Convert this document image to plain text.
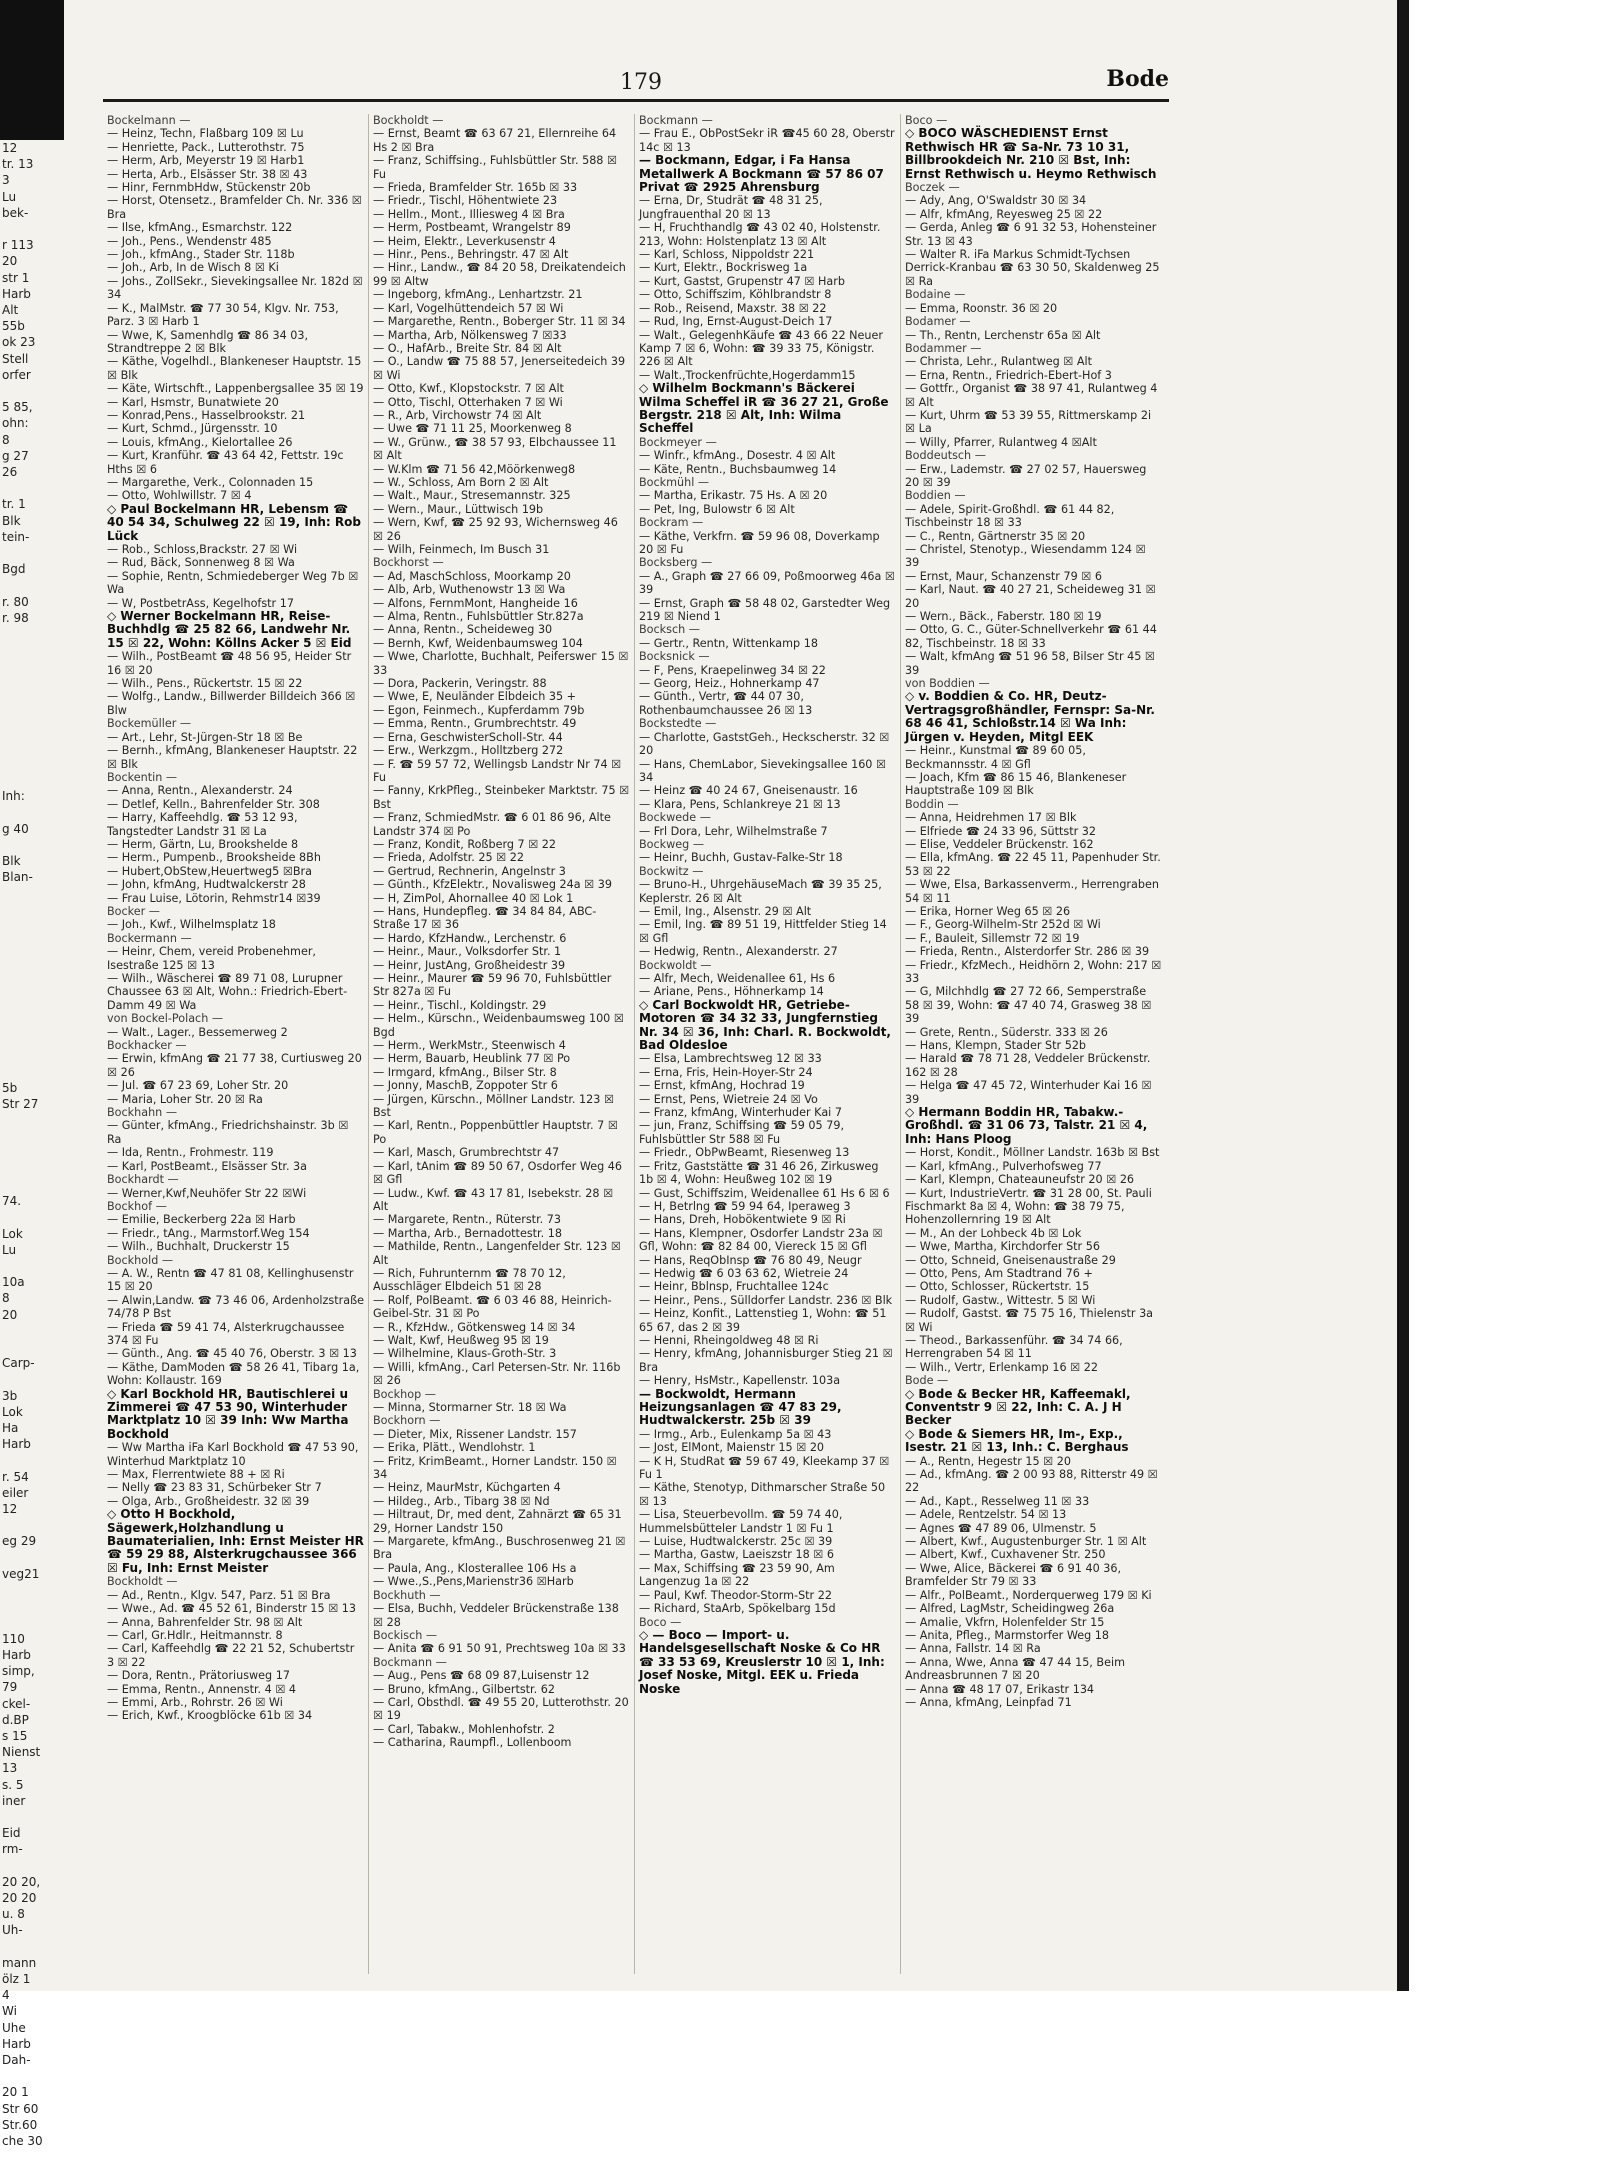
12
tr. 13
3
Lu
bek-

r 113
20
str 1
Harb
Alt
55b
ok 23
Stell
orfer

5 85,
ohn:
8
g 27
26

tr. 1
Blk
tein-

Bgd

r. 80
r. 98

Inh:

g 40

Blk
Blan-

5b
Str 27

74.

Lok
Lu

10a
8
20

Carp-

3b
Lok
Ha
Harb

r. 54
eiler
12

eg 29

veg21

110
Harb
simp,
79
ckel-
d.BP
s 15
Nienst
13
s. 5
iner

Eid
rm-

20 20,
20 20
u. 8
Uh-

mann
ölz 1
4
Wi
Uhe
Harb
Dah-

20 1
Str 60
Str.60
che 30
179	Bode
Bockelmann —
— Heinz, Techn, Flaßbarg 109 ☒ Lu
— Henriette, Pack., Lutterothstr. 75
— Herm, Arb, Meyerstr 19 ☒ Harb1
— Herta, Arb., Elsässer Str. 38 ☒ 43
— Hinr, FernmbHdw, Stückenstr 20b
— Horst, Otensetz., Bramfelder Ch. Nr. 336 ☒ Bra
— Ilse, kfmAng., Esmarchstr. 122
— Joh., Pens., Wendenstr 485
— Joh., kfmAng., Stader Str. 118b
— Joh., Arb, In de Wisch 8 ☒ Ki
— Johs., ZollSekr., Sievekingsallee Nr. 182d ☒ 34
— K., MalMstr. ☎ 77 30 54, Klgv. Nr. 753, Parz. 3 ☒ Harb 1
— Wwe, K, Samenhdlg ☎ 86 34 03, Strandtreppe 2 ☒ Blk
— Käthe, Vogelhdl., Blankeneser Hauptstr. 15 ☒ Blk
— Käte, Wirtschft., Lappenbergsallee 35 ☒ 19
— Karl, Hsmstr, Bunatwiete 20
— Konrad,Pens., Hasselbrookstr. 21
— Kurt, Schmd., Jürgensstr. 10
— Louis, kfmAng., Kielortallee 26
— Kurt, Kranführ. ☎ 43 64 42, Fettstr. 19c Hths ☒ 6
— Margarethe, Verk., Colonnaden 15
— Otto, Wohlwillstr. 7 ☒ 4
◇ Paul Bockelmann HR, Lebensm ☎ 40 54 34, Schulweg 22 ☒ 19, Inh: Rob Lück
— Rob., Schloss,Brackstr. 27 ☒ Wi
— Rud, Bäck, Sonnenweg 8 ☒ Wa
— Sophie, Rentn, Schmiedeberger Weg 7b ☒ Wa
— W, PostbetrAss, Kegelhofstr 17
◇ Werner Bockelmann HR, Reise-Buchhdlg ☎ 25 82 66, Landwehr Nr. 15 ☒ 22, Wohn: Köllns Acker 5 ☒ Eid
— Wilh., PostBeamt ☎ 48 56 95, Heider Str 16 ☒ 20
— Wilh., Pens., Rückertstr. 15 ☒ 22
— Wolfg., Landw., Billwerder Billdeich 366 ☒ Blw
Bockemüller —
— Art., Lehr, St-Jürgen-Str 18 ☒ Be
— Bernh., kfmAng, Blankeneser Hauptstr. 22 ☒ Blk
Bockentin —
— Anna, Rentn., Alexanderstr. 24
— Detlef, Kelln., Bahrenfelder Str. 308
— Harry, Kaffeehdlg. ☎ 53 12 93, Tangstedter Landstr 31 ☒ La
— Herm, Gärtn, Lu, Brookshelde 8
— Herm., Pumpenb., Brooksheide 8Bh
— Hubert,ObStew,Heuertweg5 ☒Bra
— John, kfmAng, Hudtwalckerstr 28
— Frau Luise, Lötorin, Rehmstr14 ☒39
Bocker —
— Joh., Kwf., Wilhelmsplatz 18
Bockermann —
— Heinr, Chem, vereid Probenehmer, Isestraße 125 ☒ 13
— Wilh., Wäscherei ☎ 89 71 08, Lurupner Chaussee 63 ☒ Alt, Wohn.: Friedrich-Ebert-Damm 49 ☒ Wa
von Bockel-Polach —
— Walt., Lager., Bessemerweg 2
Bockhacker —
— Erwin, kfmAng ☎ 21 77 38, Curtiusweg 20 ☒ 26
— Jul. ☎ 67 23 69, Loher Str. 20
— Maria, Loher Str. 20 ☒ Ra
Bockhahn —
— Günter, kfmAng., Friedrichshainstr. 3b ☒ Ra
— Ida, Rentn., Frohmestr. 119
— Karl, PostBeamt., Elsässer Str. 3a
Bockhardt —
— Werner,Kwf,Neuhöfer Str 22 ☒Wi
Bockhof —
— Emilie, Beckerberg 22a ☒ Harb
— Friedr., tAng., Marmstorf.Weg 154
— Wilh., Buchhalt, Druckerstr 15
Bockhold —
— A. W., Rentn ☎ 47 81 08, Kellinghusenstr 15 ☒ 20
— Alwin,Landw. ☎ 73 46 06, Ardenholzstraße 74/78 P Bst
— Frieda ☎ 59 41 74, Alsterkrugchaussee 374 ☒ Fu
— Günth., Ang. ☎ 45 40 76, Oberstr. 3 ☒ 13
— Käthe, DamModen ☎ 58 26 41, Tibarg 1a, Wohn: Kollaustr. 169
◇ Karl Bockhold HR, Bautischlerei u Zimmerei ☎ 47 53 90, Winterhuder Marktplatz 10 ☒ 39 Inh: Ww Martha Bockhold
— Ww Martha iFa Karl Bockhold ☎ 47 53 90, Winterhud Marktplatz 10
— Max, Flerrentwiete 88 + ☒ Ri
— Nelly ☎ 23 83 31, Schürbeker Str 7
— Olga, Arb., Großheidestr. 32 ☒ 39
◇ Otto H Bockhold, Sägewerk,Holzhandlung u Baumaterialien, Inh: Ernst Meister HR ☎ 59 29 88, Alsterkrugchaussee 366 ☒ Fu, Inh: Ernst Meister
Bockholdt —
— Ad., Rentn., Klgv. 547, Parz. 51 ☒ Bra
— Wwe., Ad. ☎ 45 52 61, Binderstr 15 ☒ 13
— Anna, Bahrenfelder Str. 98 ☒ Alt
— Carl, Gr.Hdlr., Heitmannstr. 8
— Carl, Kaffeehdlg ☎ 22 21 52, Schubertstr 3 ☒ 22
— Dora, Rentn., Prätoriusweg 17
— Emma, Rentn., Annenstr. 4 ☒ 4
— Emmi, Arb., Rohrstr. 26 ☒ Wi
— Erich, Kwf., Kroogblöcke 61b ☒ 34
Bockholdt —
— Ernst, Beamt ☎ 63 67 21, Ellernreihe 64 Hs 2 ☒ Bra
— Franz, Schiffsing., Fuhlsbüttler Str. 588 ☒ Fu
— Frieda, Bramfelder Str. 165b ☒ 33
— Friedr., Tischl, Höhentwiete 23
— Hellm., Mont., Illiesweg 4 ☒ Bra
— Herm, Postbeamt, Wrangelstr 89
— Heim, Elektr., Leverkusenstr 4
— Hinr., Pens., Behringstr. 47 ☒ Alt
— Hinr., Landw., ☎ 84 20 58, Dreikatendeich 99 ☒ Altw
— Ingeborg, kfmAng., Lenhartzstr. 21
— Karl, Vogelhüttendeich 57 ☒ Wi
— Margarethe, Rentn., Boberger Str. 11 ☒ 34
— Martha, Arb, Nölkensweg 7 ☒33
— O., HafArb., Breite Str. 84 ☒ Alt
— O., Landw ☎ 75 88 57, Jenerseitedeich 39 ☒ Wi
— Otto, Kwf., Klopstockstr. 7 ☒ Alt
— Otto, Tischl, Otterhaken 7 ☒ Wi
— R., Arb, Virchowstr 74 ☒ Alt
— Uwe ☎ 71 11 25, Moorkenweg 8
— W., Grünw., ☎ 38 57 93, Elbchaussee 11 ☒ Alt
— W.Klm ☎ 71 56 42,Möörkenweg8
— W., Schloss, Am Born 2 ☒ Alt
— Walt., Maur., Stresemannstr. 325
— Wern., Maur., Lüttwisch 19b
— Wern, Kwf, ☎ 25 92 93, Wichernsweg 46 ☒ 26
— Wilh, Feinmech, Im Busch 31
Bockhorst —
— Ad, MaschSchloss, Moorkamp 20
— Alb, Arb, Wuthenowstr 13 ☒ Wa
— Alfons, FernmMont, Hangheide 16
— Alma, Rentn., Fuhlsbüttler Str.827a
— Anna, Rentn., Scheideweg 30
— Bernh, Kwf, Weidenbaumsweg 104
— Wwe, Charlotte, Buchhalt, Peiferswег 15 ☒ 33
— Dora, Packerin, Veringstr. 88
— Wwe, E, Neuländer Elbdeich 35 +
— Egon, Feinmech., Kupferdamm 79b
— Emma, Rentn., Grumbrechtstr. 49
— Erna, GeschwisterScholl-Str. 44
— Erw., Werkzgm., Holltzberg 272
— F. ☎ 59 57 72, Wellingsb Landstr Nr 74 ☒ Fu
— Fanny, KrkPfleg., Steinbeker Marktstr. 75 ☒ Bst
— Franz, SchmiedMstr. ☎ 6 01 86 96, Alte Landstr 374 ☒ Po
— Franz, Kondit, Roßberg 7 ☒ 22
— Frieda, Adolfstr. 25 ☒ 22
— Gertrud, Rechnerin, Angelnstr 3
— Günth., KfzElektr., Novalisweg 24a ☒ 39
— H, ZimPol, Ahornallee 40 ☒ Lok 1
— Hans, Hundepfleg. ☎ 34 84 84, ABC-Straße 17 ☒ 36
— Hardo, KfzHandw., Lerchenstr. 6
— Heinr., Maur., Volksdorfer Str. 1
— Heinr, JustAng, Großheidestr 39
— Heinr., Maurer ☎ 59 96 70, Fuhlsbüttler Str 827a ☒ Fu
— Heinr., Tischl., Koldingstr. 29
— Helm., Kürschn., Weidenbaumsweg 100 ☒ Bgd
— Herm., WerkMstr., Steenwisch 4
— Herm, Bauarb, Heublink 77 ☒ Po
— Irmgard, kfmAng., Bilser Str. 8
— Jonny, MaschB, Zoppoter Str 6
— Jürgen, Kürschn., Möllner Landstr. 123 ☒ Bst
— Karl, Rentn., Poppenbüttler Hauptstr. 7 ☒ Po
— Karl, Masch, Grumbrechtstr 47
— Karl, tAnim ☎ 89 50 67, Osdorfer Weg 46 ☒ Gfl
— Ludw., Kwf. ☎ 43 17 81, Isebekstr. 28 ☒ Alt
— Margarete, Rentn., Rüterstr. 73
— Martha, Arb., Bernadottestr. 18
— Mathilde, Rentn., Langenfelder Str. 123 ☒ Alt
— Rich, Fuhrunternm ☎ 78 70 12, Ausschläger Elbdeich 51 ☒ 28
— Rolf, PolBeamt. ☎ 6 03 46 88, Heinrich-Geibel-Str. 31 ☒ Po
— R., KfzHdw., Götkensweg 14 ☒ 34
— Walt, Kwf, Heußweg 95 ☒ 19
— Wilhelmine, Klaus-Groth-Str. 3
— Willi, kfmAng., Carl Petersen-Str. Nr. 116b ☒ 26
Bockhop —
— Minna, Stormarner Str. 18 ☒ Wa
Bockhorn —
— Dieter, Mix, Rissener Landstr. 157
— Erika, Plätt., Wendlohstr. 1
— Fritz, KrimBeamt., Horner Landstr. 150 ☒ 34
— Heinz, MaurMstr, Küchgarten 4
— Hildeg., Arb., Tibarg 38 ☒ Nd
— Hiltraut, Dr, med dent, Zahnärzt ☎ 65 31 29, Horner Landstr 150
— Margarete, kfmAng., Buschrosenweg 21 ☒ Bra
— Paula, Ang., Klosterallee 106 Hs a
— Wwe.,S.,Pens,Marienstr36 ☒Harb
Bockhuth —
— Elsa, Buchh, Veddeler Brückenstraße 138 ☒ 28
Bockisch —
— Anita ☎ 6 91 50 91, Prechtsweg 10a ☒ 33
Bockmann —
— Aug., Pens ☎ 68 09 87,Luisenstr 12
— Bruno, kfmAng., Gilbertstr. 62
— Carl, Obsthdl. ☎ 49 55 20, Lutterothstr. 20 ☒ 19
— Carl, Tabakw., Mohlenhofstr. 2
— Catharina, Raumpfl., Lollenboom
Bockmann —
— Frau E., ObPostSekr iR ☎45 60 28, Oberstr 14c ☒ 13
— Bockmann, Edgar, i Fa Hansa Metallwerk A Bockmann ☎ 57 86 07 Privat ☎ 2925 Ahrensburg
— Erna, Dr, Studrät ☎ 48 31 25, Jungfrauenthal 20 ☒ 13
— H, Fruchthandlg ☎ 43 02 40, Holstenstr. 213, Wohn: Holstenplatz 13 ☒ Alt
— Karl, Schloss, Nippoldstr 221
— Kurt, Elektr., Bockrisweg 1a
— Kurt, Gastst, Grupenstr 47 ☒ Harb
— Otto, Schiffszim, Köhlbrandstr 8
— Rob., Reisend, Maxstr. 38 ☒ 22
— Rud, Ing, Ernst-August-Deich 17
— Walt., GelegenhKäufe ☎ 43 66 22 Neuer Kamp 7 ☒ 6, Wohn: ☎ 39 33 75, Königstr. 226 ☒ Alt
— Walt.,Trockenfrüchte,Hogerdamm15
◇ Wilhelm Bockmann's Bäckerei Wilma Scheffel iR ☎ 36 27 21, Große Bergstr. 218 ☒ Alt, Inh: Wilma Scheffel
Bockmeyer —
— Winfr., kfmAng., Dosestr. 4 ☒ Alt
— Käte, Rentn., Buchsbaumweg 14
Bockmühl —
— Martha, Erikastr. 75 Hs. A ☒ 20
— Pet, Ing, Bulowstr 6 ☒ Alt
Bockram —
— Käthe, Verkfrn. ☎ 59 96 08, Doverkamp 20 ☒ Fu
Bocksberg —
— A., Graph ☎ 27 66 09, Poßmoorweg 46a ☒ 39
— Ernst, Graph ☎ 58 48 02, Garstedter Weg 219 ☒ Niend 1
Bocksch —
— Gertr., Rentn, Wittenkamp 18
Bocksnick —
— F, Pens, Kraepelinweg 34 ☒ 22
— Georg, Heiz., Hohnerkamp 47
— Günth., Vertr, ☎ 44 07 30, Rothenbaumchaussee 26 ☒ 13
Bockstedte —
— Charlotte, GaststGeh., Heckscherstr. 32 ☒ 20
— Hans, ChemLabor, Sievekingsallee 160 ☒ 34
— Heinz ☎ 40 24 67, Gneisenaustr. 16
— Klara, Pens, Schlankreye 21 ☒ 13
Bockwede —
— Frl Dora, Lehr, Wilhelmstraße 7
Bockweg —
— Heinr, Buchh, Gustav-Falke-Str 18
Bockwitz —
— Bruno-H., UhrgehäuseMach ☎ 39 35 25, Keplerstr. 26 ☒ Alt
— Emil, Ing., Alsenstr. 29 ☒ Alt
— Emil, Ing. ☎ 89 51 19, Hittfelder Stieg 14 ☒ Gfl
— Hedwig, Rentn., Alexanderstr. 27
Bockwoldt —
— Alfr, Mech, Weidenallee 61, Hs 6
— Ariane, Pens., Höhnerkamp 14
◇ Carl Bockwoldt HR, Getriebe-Motoren ☎ 34 32 33, Jungfernstieg Nr. 34 ☒ 36, Inh: Charl. R. Bockwoldt, Bad Oldesloe
— Elsa, Lambrechtsweg 12 ☒ 33
— Erna, Fris, Hein-Hoyer-Str 24
— Ernst, kfmAng, Hochrad 19
— Ernst, Pens, Wietreie 24 ☒ Vo
— Franz, kfmAng, Winterhuder Kai 7
— jun, Franz, Schiffsing ☎ 59 05 79, Fuhlsbüttler Str 588 ☒ Fu
— Friedr., ObPwBeamt, Riesenweg 13
— Fritz, Gaststätte ☎ 31 46 26, Zirkusweg 1b ☒ 4, Wohn: Heußweg 102 ☒ 19
— Gust, Schiffszim, Weidenallee 61 Hs 6 ☒ 6
— H, Betrlng ☎ 59 94 64, Iperaweg 3
— Hans, Dreh, Hobökentwiete 9 ☒ Ri
— Hans, Klempner, Osdorfer Landstr 23a ☒ Gfl, Wohn: ☎ 82 84 00, Viereck 15 ☒ Gfl
— Hans, ReqObInsp ☎ 76 80 49, Neugr
— Hedwig ☎ 6 03 63 62, Wietreie 24
— Heinr, Bblnsp, Fruchtallee 124c
— Heinr., Pens., Sülldorfer Landstr. 236 ☒ Blk
— Heinz, Konfit., Lattenstieg 1, Wohn: ☎ 51 65 67, das 2 ☒ 39
— Henni, Rheingoldweg 48 ☒ Ri
— Henry, kfmAng, Johannisburger Stieg 21 ☒ Bra
— Henry, HsMstr., Kapellenstr. 103a
— Bockwoldt, Hermann Heizungsanlagen ☎ 47 83 29, Hudtwalckerstr. 25b ☒ 39
— Irmg., Arb., Eulenkamp 5a ☒ 43
— Jost, ElMont, Maienstr 15 ☒ 20
— K H, StudRat ☎ 59 67 49, Kleekamp 37 ☒ Fu 1
— Käthe, Stenotyp, Dithmarscher Straße 50 ☒ 13
— Lisa, Steuerbevollm. ☎ 59 74 40, Hummelsbütteler Landstr 1 ☒ Fu 1
— Luise, Hudtwalckerstr. 25c ☒ 39
— Martha, Gastw, Laeiszstr 18 ☒ 6
— Max, Schiffsing ☎ 23 59 90, Am Langenzug 1a ☒ 22
— Paul, Kwf. Theodor-Storm-Str 22
— Richard, StaArb, Spökelbarg 15d
Boco —
◇ — Boco — Import- u. Handelsgesellschaft Noske & Co HR ☎ 33 53 69, Kreuslerstr 10 ☒ 1, Inh: Josef Noske, Mitgl. EEK u. Frieda Noske
Boco —
◇ BOCO WÄSCHEDIENST Ernst Rethwisch HR ☎ Sa-Nr. 73 10 31, Billbrookdeich Nr. 210 ☒ Bst, Inh: Ernst Rethwisch u. Heymo Rethwisch
Boczek —
— Ady, Ang, O'Swaldstr 30 ☒ 34
— Alfr, kfmAng, Reyesweg 25 ☒ 22
— Gerda, Anleg ☎ 6 91 32 53, Hohensteiner Str. 13 ☒ 43
— Walter R. iFa Markus Schmidt-Tychsen Derrick-Kranbau ☎ 63 30 50, Skaldenweg 25 ☒ Ra
Bodaine —
— Emma, Roonstr. 36 ☒ 20
Bodamer —
— Th., Rentn, Lerchenstr 65a ☒ Alt
Bodammer —
— Christa, Lehr., Rulantweg ☒ Alt
— Erna, Rentn., Friedrich-Ebert-Hof 3
— Gottfr., Organist ☎ 38 97 41, Rulantweg 4 ☒ Alt
— Kurt, Uhrm ☎ 53 39 55, Rittmerskamp 2i ☒ La
— Willy, Pfarrer, Rulantweg 4 ☒Alt
Boddeutsch —
— Erw., Lademstr. ☎ 27 02 57, Hauersweg 20 ☒ 39
Boddien —
— Adele, Spirit-Großhdl. ☎ 61 44 82, Tischbeinstr 18 ☒ 33
— C., Rentn, Gärtnerstr 35 ☒ 20
— Christel, Stenotyp., Wiesendamm 124 ☒ 39
— Ernst, Maur, Schanzenstr 79 ☒ 6
— Karl, Naut. ☎ 40 27 21, Scheideweg 31 ☒ 20
— Wern., Bäck., Faberstr. 180 ☒ 19
— Otto, G. C., Güter-Schnellverkehr ☎ 61 44 82, Tischbeinstr. 18 ☒ 33
— Walt, kfmAng ☎ 51 96 58, Bilser Str 45 ☒ 39
von Boddien —
◇ v. Boddien & Co. HR, Deutz-Vertragsgroßhändler, Fernspr: Sa-Nr. 68 46 41, Schloßstr.14 ☒ Wa Inh: Jürgen v. Heyden, Mitgl EEK
— Heinr., Kunstmal ☎ 89 60 05, Beckmannsstr. 4 ☒ Gfl
— Joach, Kfm ☎ 86 15 46, Blankeneser Hauptstraße 109 ☒ Blk
Boddin —
— Anna, Heidrehmen 17 ☒ Blk
— Elfriede ☎ 24 33 96, Süttstr 32
— Elise, Veddeler Brückenstr. 162
— Ella, kfmAng. ☎ 22 45 11, Papenhuder Str. 53 ☒ 22
— Wwe, Elsa, Barkassenverm., Herrengraben 54 ☒ 11
— Erika, Horner Weg 65 ☒ 26
— F., Georg-Wilhelm-Str 252d ☒ Wi
— F., Bauleit, Sillemstr 72 ☒ 19
— Frieda, Rentn., Alsterdorfer Str. 286 ☒ 39
— Friedr., KfzMech., Heidhörn 2, Wohn: 217 ☒ 33
— G, Milchhdlg ☎ 27 72 66, Semperstraße 58 ☒ 39, Wohn: ☎ 47 40 74, Grasweg 38 ☒ 39
— Grete, Rentn., Süderstr. 333 ☒ 26
— Hans, Klempn, Stader Str 52b
— Harald ☎ 78 71 28, Veddeler Brückenstr. 162 ☒ 28
— Helga ☎ 47 45 72, Winterhuder Kai 16 ☒ 39
◇ Hermann Boddin HR, Tabakw.-Großhdl. ☎ 31 06 73, Talstr. 21 ☒ 4, Inh: Hans Ploog
— Horst, Kondit., Möllner Landstr. 163b ☒ Bst
— Karl, kfmAng., Pulverhofsweg 77
— Karl, Klempn, Chateauneufstr 20 ☒ 26
— Kurt, IndustrieVertr. ☎ 31 28 00, St. Pauli Fischmarkt 8a ☒ 4, Wohn: ☎ 38 79 75, Hohenzollernring 19 ☒ Alt
— M., An der Lohbeck 4b ☒ Lok
— Wwe, Martha, Kirchdorfer Str 56
— Otto, Schneid, Gneisenaustraße 29
— Otto, Pens, Am Stadtrand 76 +
— Otto, Schlosser, Rückertstr. 15
— Rudolf, Gastw., Wittestr. 5 ☒ Wi
— Rudolf, Gastst. ☎ 75 75 16, Thielenstr 3a ☒ Wi
— Theod., Barkassenführ. ☎ 34 74 66, Herrengraben 54 ☒ 11
— Wilh., Vertr, Erlenkamp 16 ☒ 22
Bode —
◇ Bode & Becker HR, Kaffeemakl, Conventstr 9 ☒ 22, Inh: C. A. J H Becker
◇ Bode & Siemers HR, Im-, Exp., Isestr. 21 ☒ 13, Inh.: C. Berghaus
— A., Rentn, Hegestr 15 ☒ 20
— Ad., kfmAng. ☎ 2 00 93 88, Ritterstr 49 ☒ 22
— Ad., Kapt., Resselweg 11 ☒ 33
— Adele, Rentzelstr. 54 ☒ 13
— Agnes ☎ 47 89 06, Ulmenstr. 5
— Albert, Kwf., Augustenburger Str. 1 ☒ Alt
— Albert, Kwf., Cuxhavener Str. 250
— Wwe, Alice, Bäckerei ☎ 6 91 40 36, Bramfelder Str 79 ☒ 33
— Alfr., PolBeamt., Norderquerweg 179 ☒ Ki
— Alfred, LagMstr, Scheidingweg 26a
— Amalie, Vkfrn, Holenfelder Str 15
— Anita, Pfleg., Marmstorfer Weg 18
— Anna, Fallstr. 14 ☒ Ra
— Anna, Wwe, Anna ☎ 47 44 15, Beim Andreasbrunnen 7 ☒ 20
— Anna ☎ 48 17 07, Erikastr 134
— Anna, kfmAng, Leinpfad 71
